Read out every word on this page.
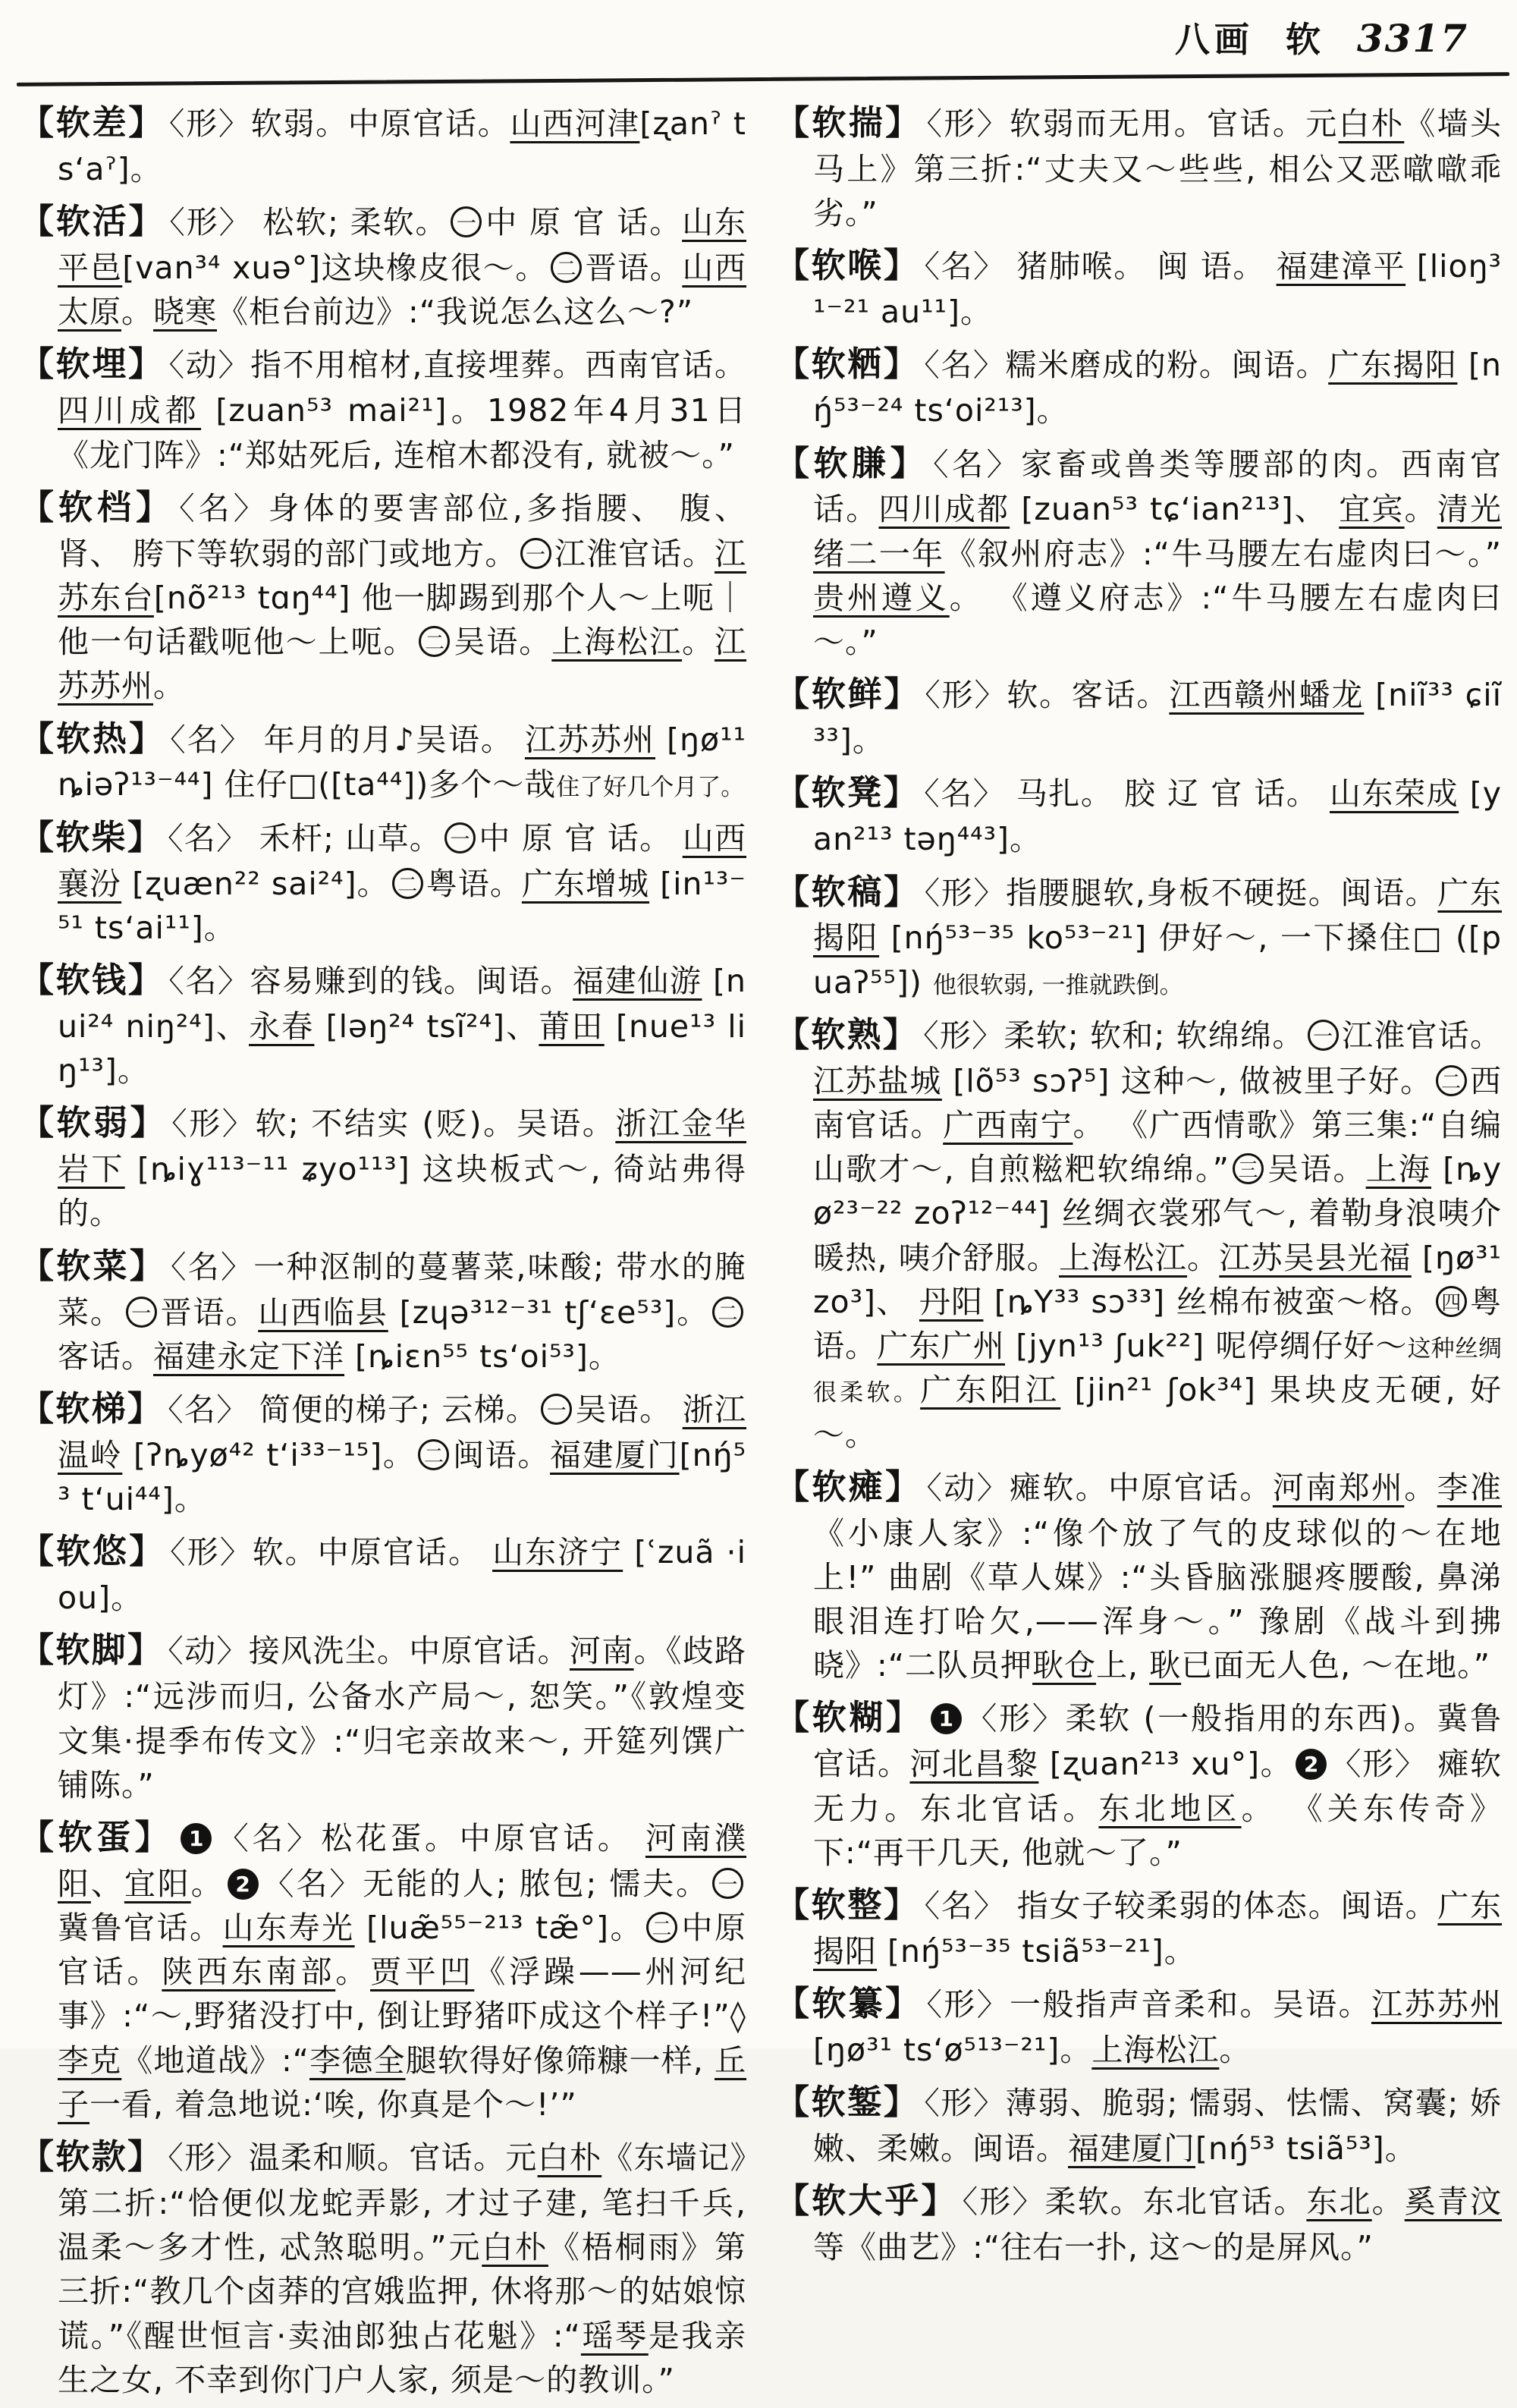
八画 软 3317

【软差】 〈形〉软弱。中原官话。山西河津[ʐanˀ tsʻaˀ]。

【软活】 〈形〉 松软; 柔软。 一 中 原 官 话。山东平邑[van³⁴ xuə°]这块橡皮很～。 二 晋语。山西太原。晓寒《柜台前边》:“我说怎么这么～?”

【软埋】 〈动〉指不用棺材,直接埋葬。西南官话。四川成都 [zuan⁵³ mai²¹]。1982年4月31日《龙门阵》:“郑姑死后, 连棺木都没有, 就被～。”

【软档】 〈名〉身体的要害部位,多指腰、 腹、 肾、 胯下等软弱的部门或地方。 一 江淮官话。江苏东台[nõ²¹³ tɑŋ⁴⁴] 他一脚踢到那个人～上呃｜他一句话戳呃他～上呃。 二 吴语。上海松江。江苏苏州。

【软热】 〈名〉 年月的月♪吴语。 江苏苏州 [ŋø¹¹ ȵiəʔ¹³⁻⁴⁴] 住仔□([ta⁴⁴])多个～哉住了好几个月了。

【软柴】 〈名〉 禾杆; 山草。 一 中 原 官 话。 山西襄汾 [ʐuæn²² sai²⁴]。 二 粤语。广东增城 [in¹³⁻⁵¹ tsʻai¹¹]。

【软钱】 〈名〉容易赚到的钱。闽语。福建仙游 [nui²⁴ niŋ²⁴]、永春 [ləŋ²⁴ tsĩ²⁴]、莆田 [nue¹³ liŋ¹³]。

【软弱】 〈形〉软; 不结实 (贬)。吴语。浙江金华岩下 [ȵiɣ¹¹³⁻¹¹ ʑyo¹¹³] 这块板式～, 徛站弗得的。

【软菜】 〈名〉一种沤制的蔓薯菜,味酸; 带水的腌菜。 一 晋语。山西临县 [zɥə³¹²⁻³¹ tʃʻɛe⁵³]。 二客话。福建永定下洋 [ȵiɛn⁵⁵ tsʻoi⁵³]。

【软梯】 〈名〉 简便的梯子; 云梯。 一 吴语。 浙江温岭 [ʔȵyø⁴² tʻi³³⁻¹⁵]。 二 闽语。福建厦门[nŋ́⁵³ tʻui⁴⁴]。

【软悠】 〈形〉软。中原官话。 山东济宁 [ʿzuã ·iou]。

【软脚】 〈动〉接风洗尘。中原官话。河南。《歧路灯》:“远涉而归, 公备水产局～, 恕笑。”《敦煌变文集·提季布传文》:“归宅亲故来～, 开筵列馔广铺陈。”

【软蛋】 1 〈名〉松花蛋。中原官话。 河南濮阳、宜阳。 2 〈名〉无能的人; 脓包; 懦夫。 一冀鲁官话。山东寿光 [luæ̃⁵⁵⁻²¹³ tæ̃°]。 二 中原官话。陕西东南部。贾平凹《浮躁——州河纪事》:“～,野猪没打中, 倒让野猪吓成这个样子!”◊李克《地道战》:“李德全腿软得好像筛糠一样, 丘子一看, 着急地说:‘唉, 你真是个～!’”

【软款】 〈形〉温柔和顺。官话。元白朴《东墙记》第二折:“恰便似龙蛇弄影, 才过子建, 笔扫千兵, 温柔～多才性, 忒煞聪明。”元白朴《梧桐雨》第三折:“教几个卤莽的宫娥监押, 休将那～的姑娘惊谎。”《醒世恒言·卖油郎独占花魁》:“瑶琴是我亲生之女, 不幸到你门户人家, 须是～的教训。”

【软揣】 〈形〉软弱而无用。官话。元白朴《墙头马上》第三折:“丈夫又～些些, 相公又恶噷噷乖劣。”

【软喉】 〈名〉 猪肺喉。 闽 语。 福建漳平 [lioŋ³¹⁻²¹ au¹¹]。

【软粞】 〈名〉糯米磨成的粉。闽语。广东揭阳 [nŋ́⁵³⁻²⁴ tsʻoi²¹³]。

【软膁】 〈名〉家畜或兽类等腰部的肉。西南官话。四川成都 [zuan⁵³ tɕʻian²¹³]、 宜宾。清光绪二一年《叙州府志》:“牛马腰左右虚肉曰～。” 贵州遵义。 《遵义府志》:“牛马腰左右虚肉曰～。”

【软鲜】 〈形〉软。客话。江西赣州蟠龙 [niĩ³³ ɕiĩ³³]。

【软凳】 〈名〉 马扎。 胶 辽 官 话。 山东荣成 [yan²¹³ təŋ⁴⁴³]。

【软稿】 〈形〉指腰腿软,身板不硬挺。闽语。广东揭阳 [nŋ́⁵³⁻³⁵ ko⁵³⁻²¹] 伊好～, 一下搡住□ ([puaʔ⁵⁵]) 他很软弱, 一推就跌倒。

【软熟】 〈形〉柔软; 软和; 软绵绵。 一 江淮官话。江苏盐城 [lõ⁵³ sɔʔ⁵] 这种～, 做被里子好。 二 西南官话。广西南宁。 《广西情歌》第三集:“自编山歌才～, 自煎糍粑软绵绵。” 三 吴语。上海 [ȵyø²³⁻²² zoʔ¹²⁻⁴⁴] 丝绸衣裳邪气～, 着勒身浪咦介暖热, 咦介舒服。上海松江。江苏吴县光福 [ŋø³¹ zo³]、 丹阳 [ȵY³³ sɔ³³] 丝棉布被蛮～格。 四 粤语。广东广州 [jyn¹³ ʃuk²²] 呢停绸仔好～这种丝绸很柔软。广东阳江 [jin²¹ ʃok³⁴] 果块皮无硬, 好～。

【软瘫】 〈动〉瘫软。中原官话。河南郑州。李准《小康人家》:“像个放了气的皮球似的～在地上!” 曲剧《草人媒》:“头昏脑涨腿疼腰酸, 鼻涕眼泪连打哈欠,——浑身～。” 豫剧《战斗到拂晓》:“二队员押耿仓上, 耿已面无人色, ～在地。”

【软糊】 1 〈形〉柔软 (一般指用的东西)。冀鲁官话。河北昌黎 [ʐuan²¹³ xu°]。 2 〈形〉 瘫软无力。东北官话。东北地区。 《关东传奇》下:“再干几天, 他就～了。”

【软整】 〈名〉 指女子较柔弱的体态。闽语。广东揭阳 [nŋ́⁵³⁻³⁵ tsiã⁵³⁻²¹]。

【软纂】 〈形〉一般指声音柔和。吴语。江苏苏州 [ŋø³¹ tsʻø⁵¹³⁻²¹]。上海松江。

【软錾】 〈形〉薄弱、脆弱; 懦弱、怯懦、窝囊; 娇嫩、柔嫩。闽语。福建厦门[nŋ́⁵³ tsiã⁵³]。

【软大乎】 〈形〉柔软。东北官话。东北。奚青汶等《曲艺》:“往右一扑, 这～的是屏风。”
